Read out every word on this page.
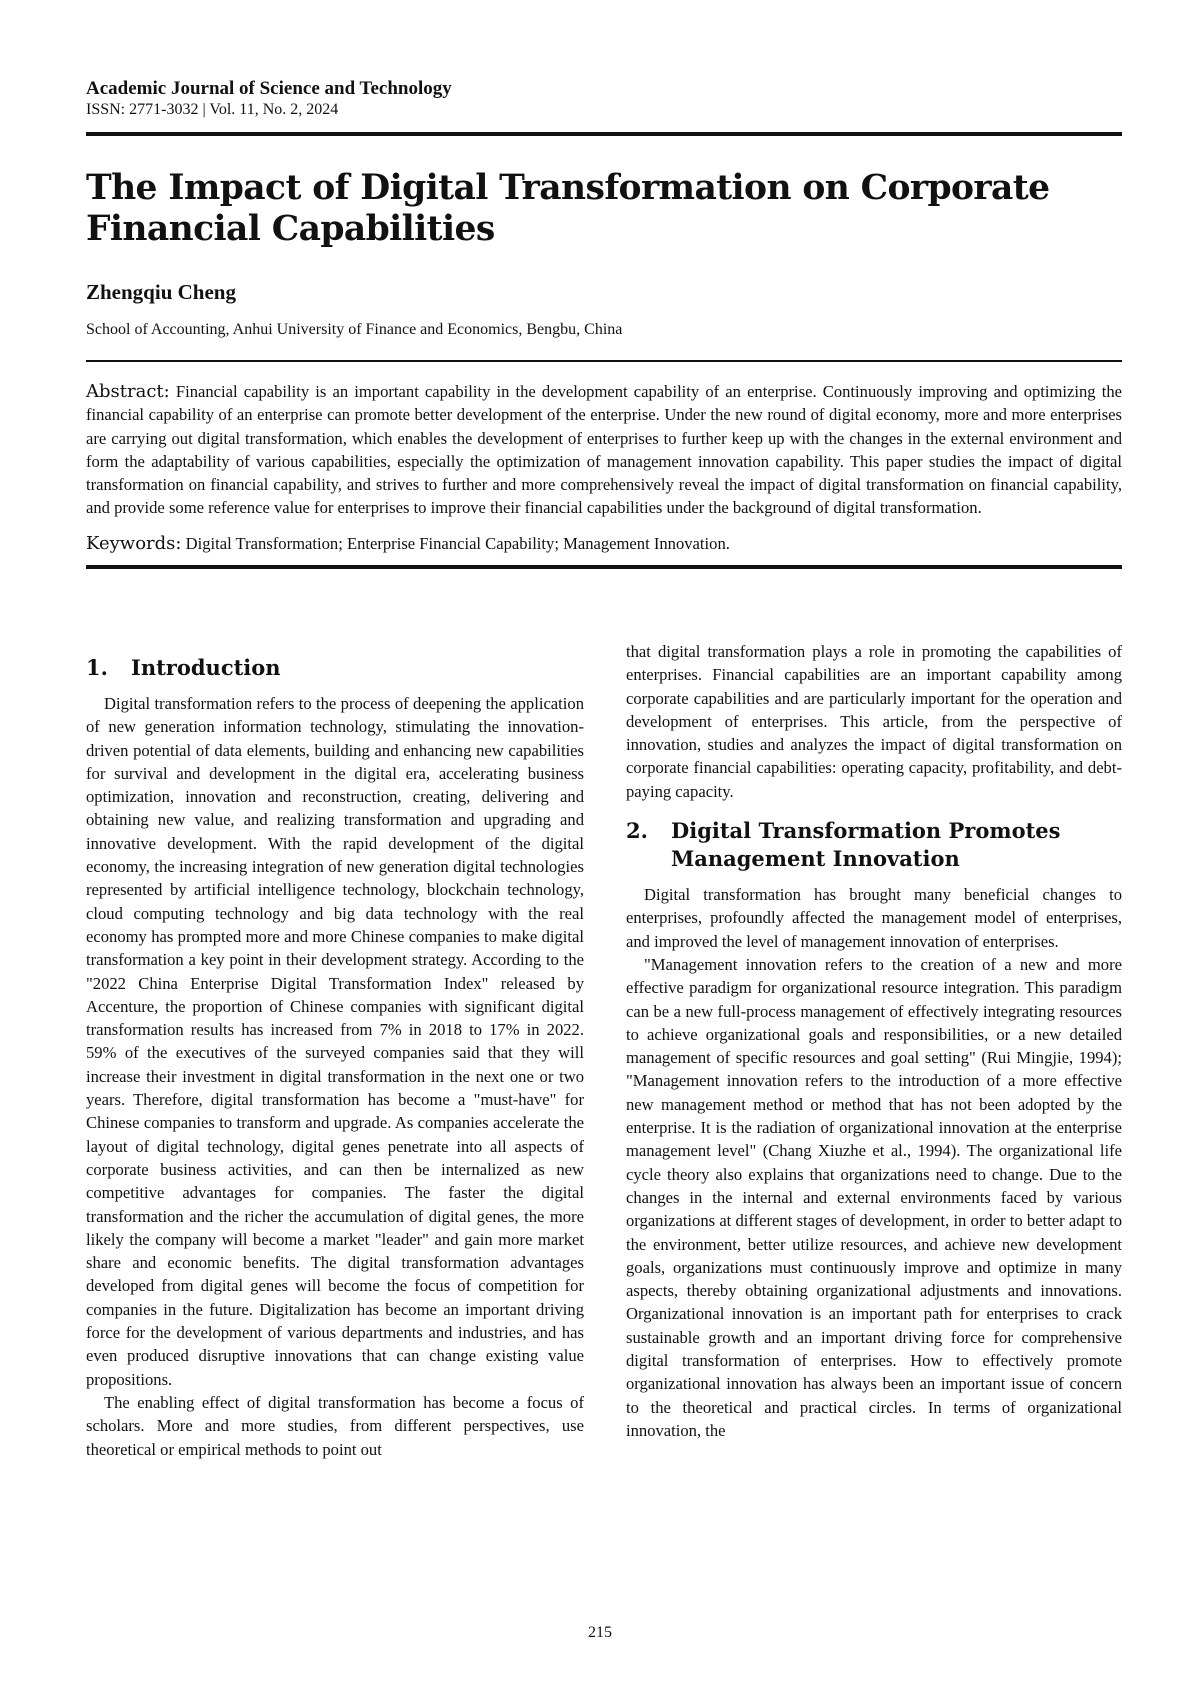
Academic Journal of Science and Technology
ISSN: 2771-3032 | Vol. 11, No. 2, 2024
The Impact of Digital Transformation on Corporate Financial Capabilities
Zhengqiu Cheng
School of Accounting, Anhui University of Finance and Economics, Bengbu, China
Abstract: Financial capability is an important capability in the development capability of an enterprise. Continuously improving and optimizing the financial capability of an enterprise can promote better development of the enterprise. Under the new round of digital economy, more and more enterprises are carrying out digital transformation, which enables the development of enterprises to further keep up with the changes in the external environment and form the adaptability of various capabilities, especially the optimization of management innovation capability. This paper studies the impact of digital transformation on financial capability, and strives to further and more comprehensively reveal the impact of digital transformation on financial capability, and provide some reference value for enterprises to improve their financial capabilities under the background of digital transformation.
Keywords: Digital Transformation; Enterprise Financial Capability; Management Innovation.
1.	Introduction

Digital transformation refers to the process of deepening the application of new generation information technology, stimulating the innovation-driven potential of data elements, building and enhancing new capabilities for survival and development in the digital era, accelerating business optimization, innovation and reconstruction, creating, delivering and obtaining new value, and realizing transformation and upgrading and innovative development. With the rapid development of the digital economy, the increasing integration of new generation digital technologies represented by artificial intelligence technology, blockchain technology, cloud computing technology and big data technology with the real economy has prompted more and more Chinese companies to make digital transformation a key point in their development strategy. According to the "2022 China Enterprise Digital Transformation Index" released by Accenture, the proportion of Chinese companies with significant digital transformation results has increased from 7% in 2018 to 17% in 2022. 59% of the executives of the surveyed companies said that they will increase their investment in digital transformation in the next one or two years. Therefore, digital transformation has become a "must-have" for Chinese companies to transform and upgrade. As companies accelerate the layout of digital technology, digital genes penetrate into all aspects of corporate business activities, and can then be internalized as new competitive advantages for companies. The faster the digital transformation and the richer the accumulation of digital genes, the more likely the company will become a market "leader" and gain more market share and economic benefits. The digital transformation advantages developed from digital genes will become the focus of competition for companies in the future. Digitalization has become an important driving force for the development of various departments and industries, and has even produced disruptive innovations that can change existing value propositions.

The enabling effect of digital transformation has become a focus of scholars. More and more studies, from different perspectives, use theoretical or empirical methods to point out

that digital transformation plays a role in promoting the capabilities of enterprises. Financial capabilities are an important capability among corporate capabilities and are particularly important for the operation and development of enterprises. This article, from the perspective of innovation, studies and analyzes the impact of digital transformation on corporate financial capabilities: operating capacity, profitability, and debt-paying capacity.

2.	Digital Transformation Promotes
Management Innovation

Digital transformation has brought many beneficial changes to enterprises, profoundly affected the management model of enterprises, and improved the level of management innovation of enterprises.

"Management innovation refers to the creation of a new and more effective paradigm for organizational resource integration. This paradigm can be a new full-process management of effectively integrating resources to achieve organizational goals and responsibilities, or a new detailed management of specific resources and goal setting" (Rui Mingjie, 1994); "Management innovation refers to the introduction of a more effective new management method or method that has not been adopted by the enterprise. It is the radiation of organizational innovation at the enterprise management level" (Chang Xiuzhe et al., 1994). The organizational life cycle theory also explains that organizations need to change. Due to the changes in the internal and external environments faced by various organizations at different stages of development, in order to better adapt to the environment, better utilize resources, and achieve new development goals, organizations must continuously improve and optimize in many aspects, thereby obtaining organizational adjustments and innovations. Organizational innovation is an important path for enterprises to crack sustainable growth and an important driving force for comprehensive digital transformation of enterprises. How to effectively promote organizational innovation has always been an important issue of concern to the theoretical and practical circles. In terms of organizational innovation, the

215
